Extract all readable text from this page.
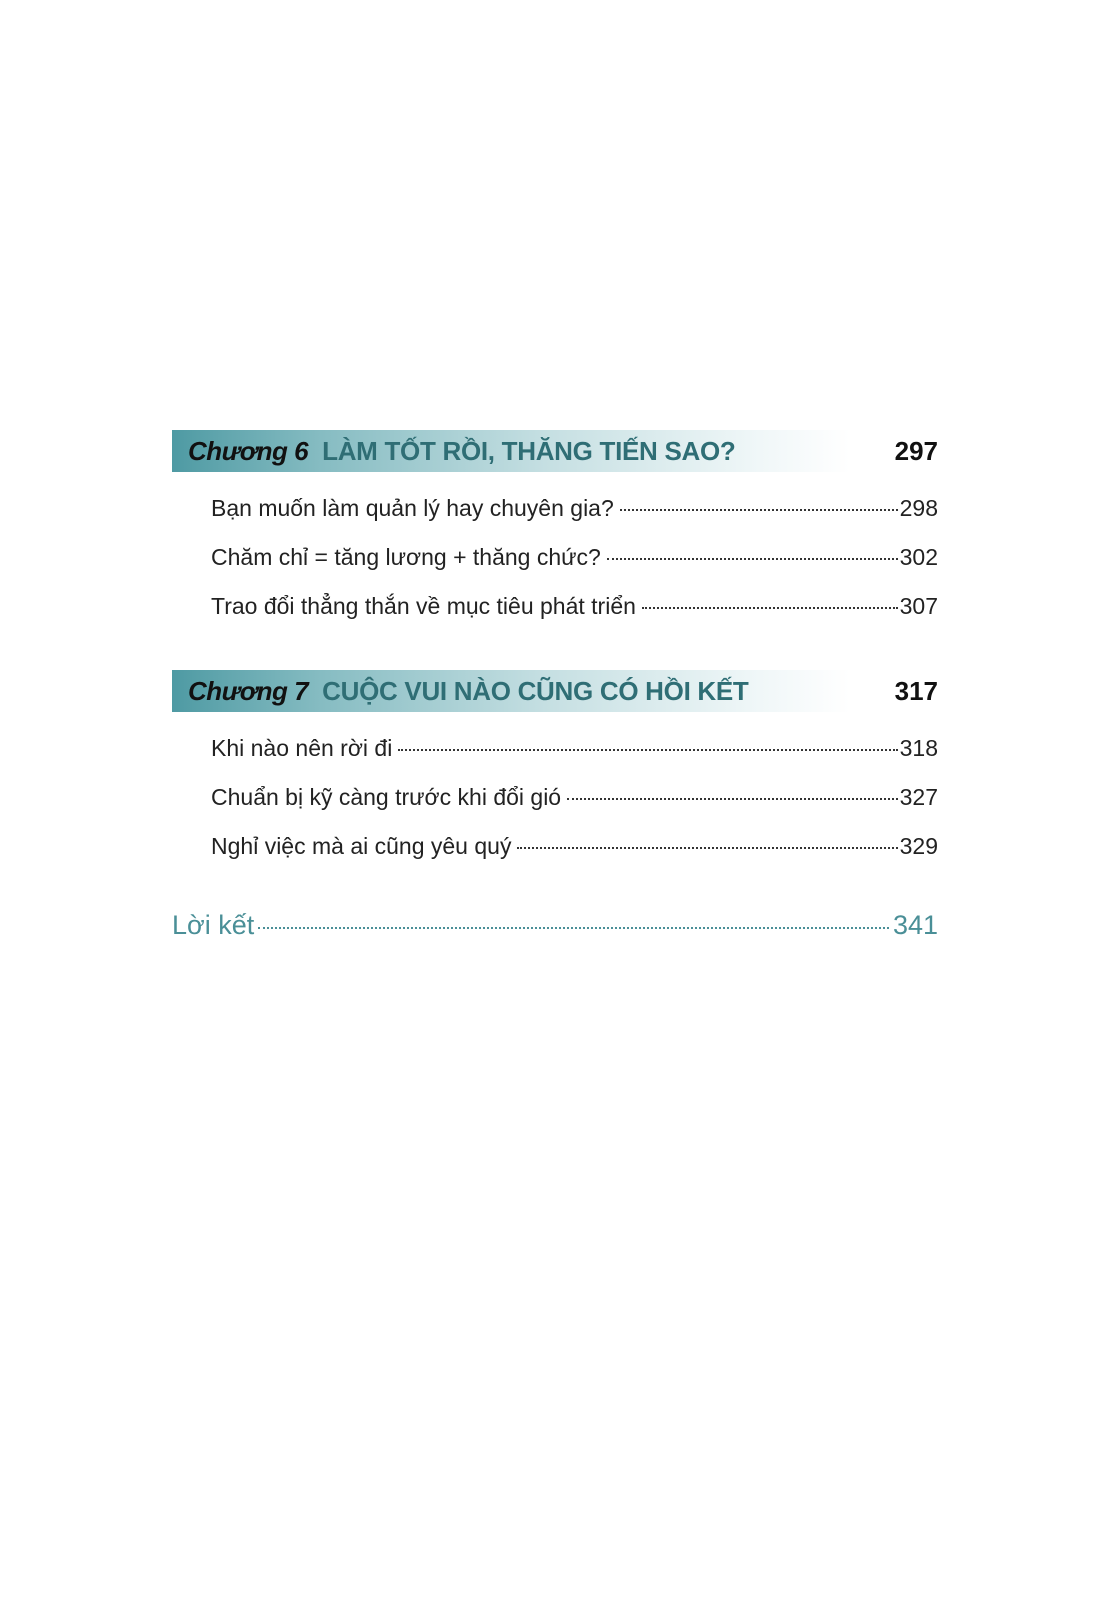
Chương 6 LÀM TỐT RỒI, THĂNG TIẾN SAO?	297
Bạn muốn làm quản lý hay chuyên gia?	298
Chăm chỉ = tăng lương + thăng chức?	302
Trao đổi thẳng thắn về mục tiêu phát triển	307
Chương 7 CUỘC VUI NÀO CŨNG CÓ HỒI KẾT	317
Khi nào nên rời đi	318
Chuẩn bị kỹ càng trước khi đổi gió	327
Nghỉ việc mà ai cũng yêu quý	329
Lời kết	341
